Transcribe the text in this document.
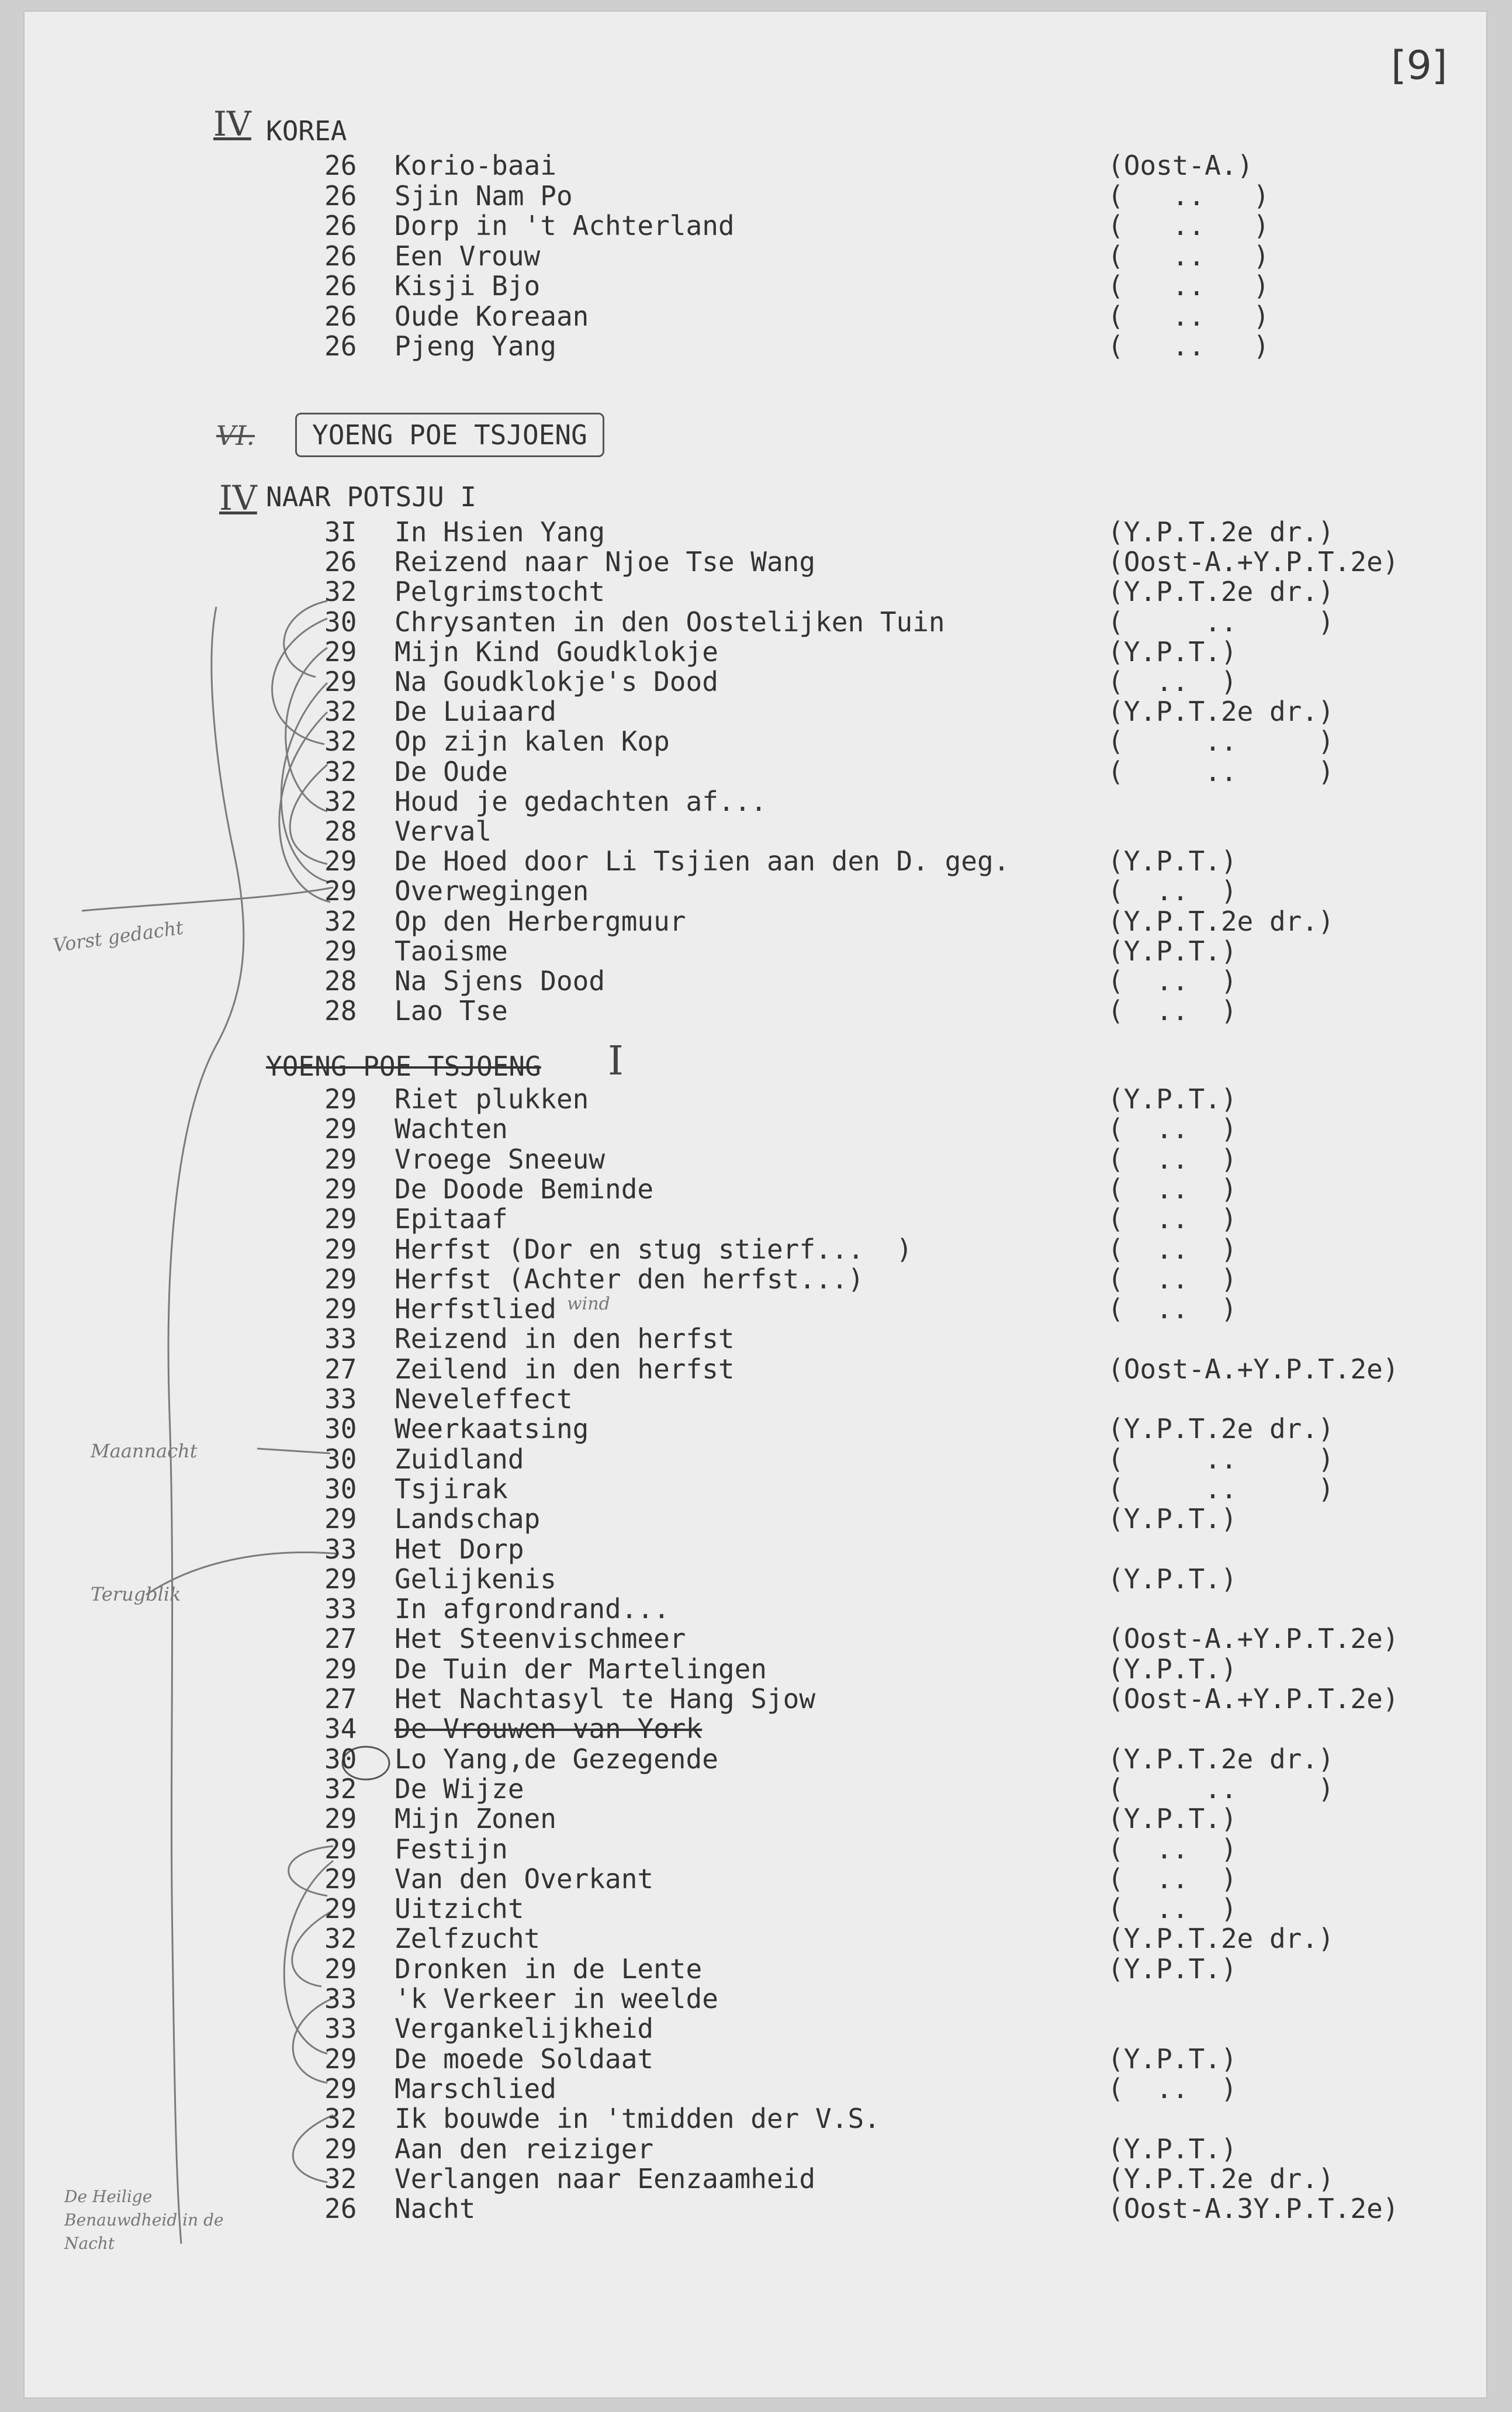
[9]
IV KOREA
26 Korio-baai	(Oost-A.)
26 Sjin Nam Po	(   ..   )
26 Dorp in 't Achterland	(   ..   )
26 Een Vrouw	(   ..   )
26 Kisji Bjo	(   ..   )
26 Oude Koreaan	(   ..   )
26 Pjeng Yang	(   ..   )
VI.	YOENG POE TSJOENG
IV NAAR POTSJU I
3I In Hsien Yang	(Y.P.T.2e dr.)
26 Reizend naar Njoe Tse Wang	(Oost-A.+Y.P.T.2e)
32 Pelgrimstocht	(Y.P.T.2e dr.)
30 Chrysanten in den Oostelijken Tuin	(     ..     )
29 Mijn Kind Goudklokje	(Y.P.T.)
29 Na Goudklokje's Dood	(  ..  )
32 De Luiaard	(Y.P.T.2e dr.)
32 Op zijn kalen Kop	(     ..     )
32 De Oude	(     ..     )
32 Houd je gedachten af...
28 Verval
29 De Hoed door Li Tsjien aan den D. geg.	(Y.P.T.)
29 Overwegingen	(  ..  )
32 Op den Herbergmuur	(Y.P.T.2e dr.)
29 Taoisme	(Y.P.T.)
28 Na Sjens Dood	(  ..  )
28 Lao Tse	(  ..  )
YOENG POE TSJOENG I
29 Riet plukken	(Y.P.T.)
29 Wachten	(  ..  )
29 Vroege Sneeuw	(  ..  )
29 De Doode Beminde	(  ..  )
29 Epitaaf	(  ..  )
29 Herfst (Dor en stug stierf...  )	(  ..  )
29 Herfst (Achter den herfst...)	(  ..  )
29 Herfstlied	(  ..  )
33 Reizend in den herfst
27 Zeilend in den herfst	(Oost-A.+Y.P.T.2e)
33 Neveleffect
30 Weerkaatsing	(Y.P.T.2e dr.)
30 Zuidland	(     ..     )
30 Tsjirak	(     ..     )
29 Landschap	(Y.P.T.)
33 Het Dorp
29 Gelijkenis	(Y.P.T.)
33 In afgrondrand...
27 Het Steenvischmeer	(Oost-A.+Y.P.T.2e)
29 De Tuin der Martelingen	(Y.P.T.)
27 Het Nachtasyl te Hang Sjow	(Oost-A.+Y.P.T.2e)
34 De Vrouwen van York
30 Lo Yang,de Gezegende	(Y.P.T.2e dr.)
32 De Wijze	(     ..     )
29 Mijn Zonen	(Y.P.T.)
29 Festijn	(  ..  )
29 Van den Overkant	(  ..  )
29 Uitzicht	(  ..  )
32 Zelfzucht	(Y.P.T.2e dr.)
29 Dronken in de Lente	(Y.P.T.)
33 'k Verkeer in weelde
33 Vergankelijkheid
29 De moede Soldaat	(Y.P.T.)
29 Marschlied	(  ..  )
32 Ik bouwde in 'tmidden der V.S.
29 Aan den reiziger	(Y.P.T.)
32 Verlangen naar Eenzaamheid	(Y.P.T.2e dr.)
26 Nacht	(Oost-A.3Y.P.T.2e)
Vorst gedacht
Maannacht
Terugblik
De Heilige Benauwdheid in de Nacht
wind
